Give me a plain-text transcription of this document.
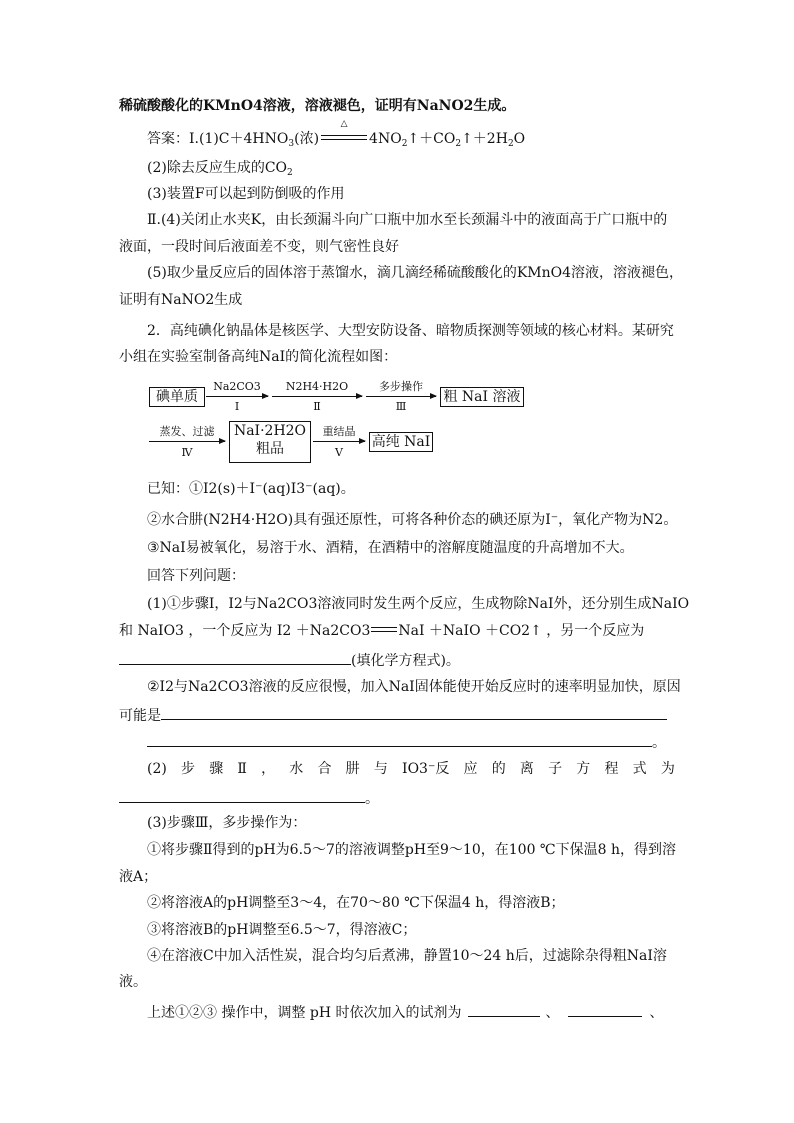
稀硫酸酸化的KMnO4溶液，溶液褪色，证明有NaNO2生成。
答案：$Ⅰ.(1)C+4HNO_3$(浓)
△
$4NO_2↑+CO_2↑+2H_2O$
(2)除去反应生成的$CO_2$
(3)装置F可以起到防倒吸的作用
Ⅱ.(4)关闭止水夹K，由长颈漏斗向广口瓶中加水至长颈漏斗中的液面高于广口瓶中的
液面，一段时间后液面差不变，则气密性良好
(5)取少量反应后的固体溶于蒸馏水，滴几滴经稀硫酸酸化的KMnO4溶液，溶液褪色，
证明有NaNO2生成
2．高纯碘化钠晶体是核医学、大型安防设备、暗物质探测等领域的核心材料。某研究
小组在实验室制备高纯NaI的简化流程如图：
碘单质
Na2CO3
Ⅰ
N2H4·H2O
Ⅱ
多步操作
Ⅲ
粗 NaI 溶液
蒸发、过滤
Ⅳ
NaI·2H2O
粗品
重结晶
Ⅴ
高纯 NaI
已知：①I2(s)＋I⁻(aq)I3⁻(aq)。
②水合肼(N2H4·H2O)具有强还原性，可将各种价态的碘还原为I⁻，氧化产物为N2。
③NaI易被氧化，易溶于水、酒精，在酒精中的溶解度随温度的升高增加不大。
回答下列问题：
(1)①步骤Ⅰ，I2与Na2CO3溶液同时发生两个反应，生成物除NaI外，还分别生成NaIO
和 NaIO3 ，一个反应为 I2 ＋Na2CO3 NaI ＋NaIO ＋CO2↑ ，另一个反应为
(填化学方程式)。
②I2与Na2CO3溶液的反应很慢，加入NaI固体能使开始反应时的速率明显加快，原因
可能是
。
(2) 步 骤 Ⅱ ， 水 合 肼 与 IO3⁻反 应 的 离 子 方 程 式 为
。
(3)步骤Ⅲ，多步操作为：
①将步骤Ⅱ得到的pH为6.5～7的溶液调整pH至9～10，在100 ℃下保温8 h，得到溶
液A；
②将溶液A的pH调整至3～4，在70～80 ℃下保温4 h，得溶液B；
③将溶液B的pH调整至6.5～7，得溶液C；
④在溶液C中加入活性炭，混合均匀后煮沸，静置10～24 h后，过滤除杂得粗NaI溶
液。
上述①②③ 操作中，调整 pH 时依次加入的试剂为	、	、
